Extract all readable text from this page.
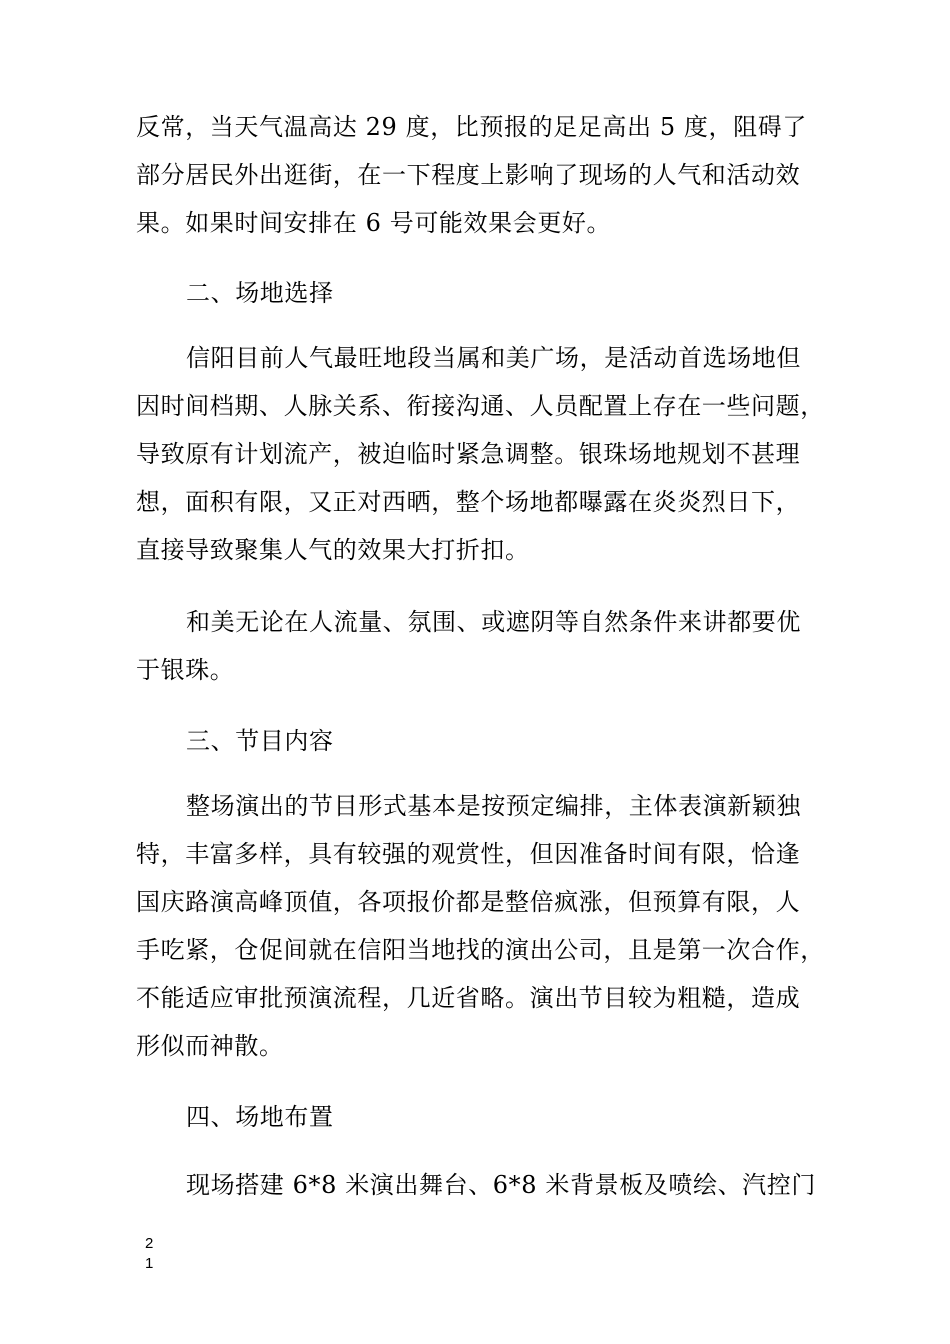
反常，当天气温高达 29 度，比预报的足足高出 5 度，阻碍了
部分居民外出逛街，在一下程度上影响了现场的人气和活动效
果。如果时间安排在 6 号可能效果会更好。
二、场地选择
信阳目前人气最旺地段当属和美广场，是活动首选场地但
因时间档期、人脉关系、衔接沟通、人员配置上存在一些问题，
导致原有计划流产，被迫临时紧急调整。银珠场地规划不甚理
想，面积有限，又正对西晒，整个场地都曝露在炎炎烈日下，
直接导致聚集人气的效果大打折扣。
和美无论在人流量、氛围、或遮阴等自然条件来讲都要优
于银珠。
三、节目内容
整场演出的节目形式基本是按预定编排，主体表演新颖独
特，丰富多样，具有较强的观赏性，但因准备时间有限，恰逢
国庆路演高峰顶值，各项报价都是整倍疯涨，但预算有限，人
手吃紧，仓促间就在信阳当地找的演出公司，且是第一次合作，
不能适应审批预演流程，几近省略。演出节目较为粗糙，造成
形似而神散。
四、场地布置
现场搭建 6*8 米演出舞台、6*8 米背景板及喷绘、汽控门
2
1
